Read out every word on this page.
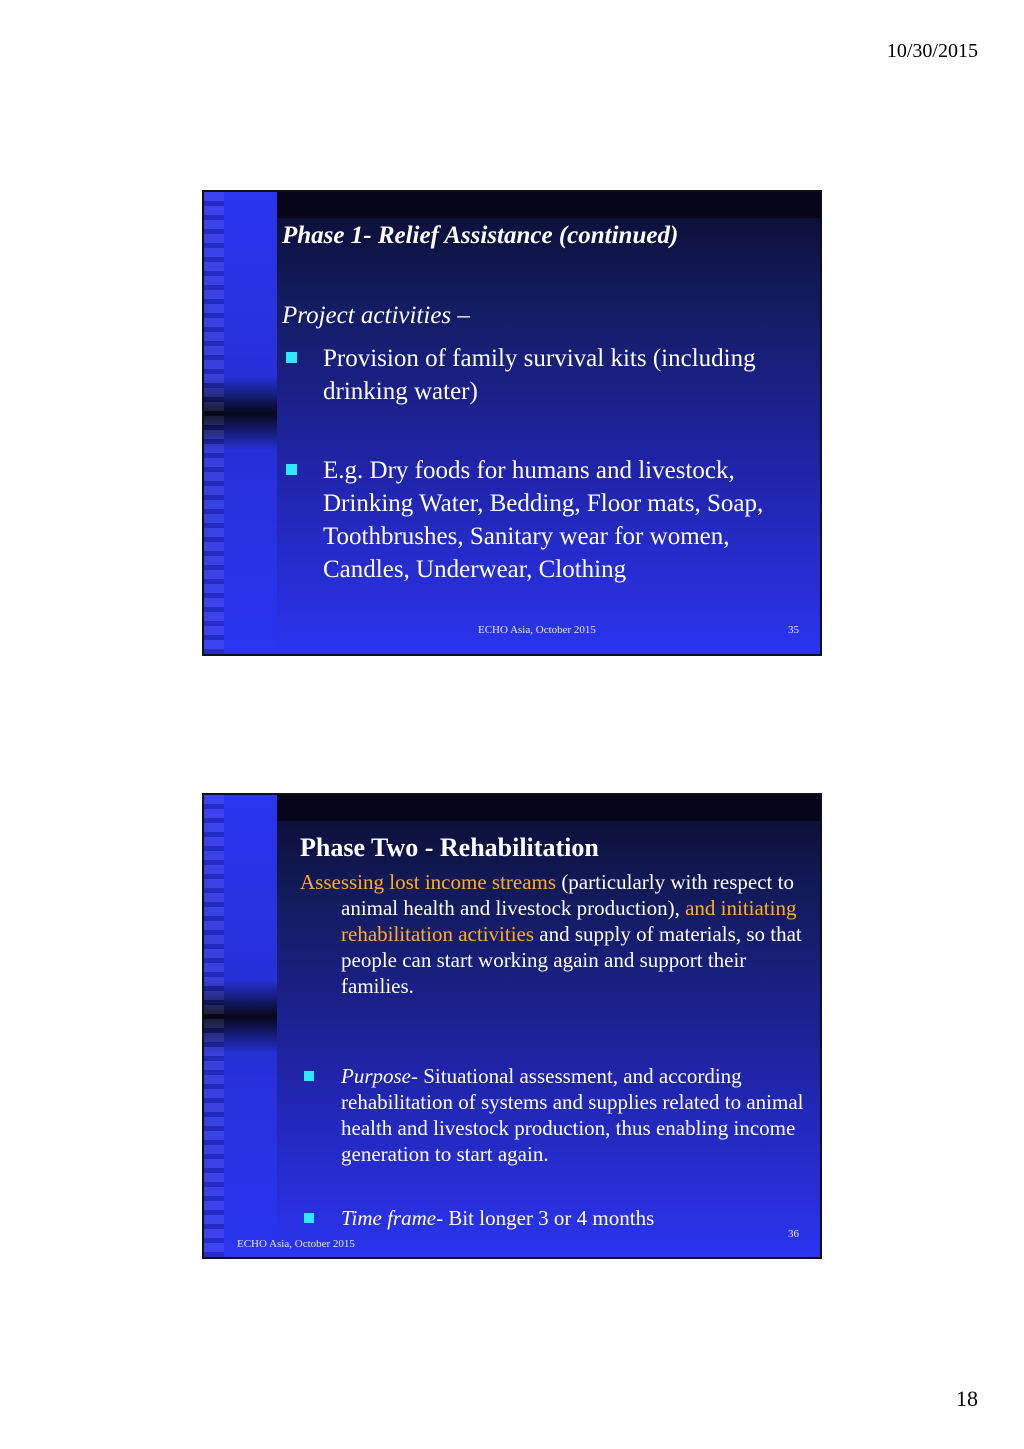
10/30/2015

Phase 1- Relief Assistance (continued)

Project activities –

Provision of family survival kits (including drinking water)
E.g. Dry foods for humans and livestock, Drinking Water, Bedding, Floor mats, Soap, Toothbrushes, Sanitary wear for women, Candles, Underwear, Clothing
ECHO Asia, October 2015	35

Phase Two - Rehabilitation

Assessing lost income streams (particularly with respect to animal health and livestock production), and initiating rehabilitation activities and supply of materials, so that people can start working again and support their families.

Purpose- Situational assessment, and according rehabilitation of systems and supplies related to animal health and livestock production, thus enabling income generation to start again.
Time frame- Bit longer 3 or 4 months
ECHO Asia, October 2015
36
18
